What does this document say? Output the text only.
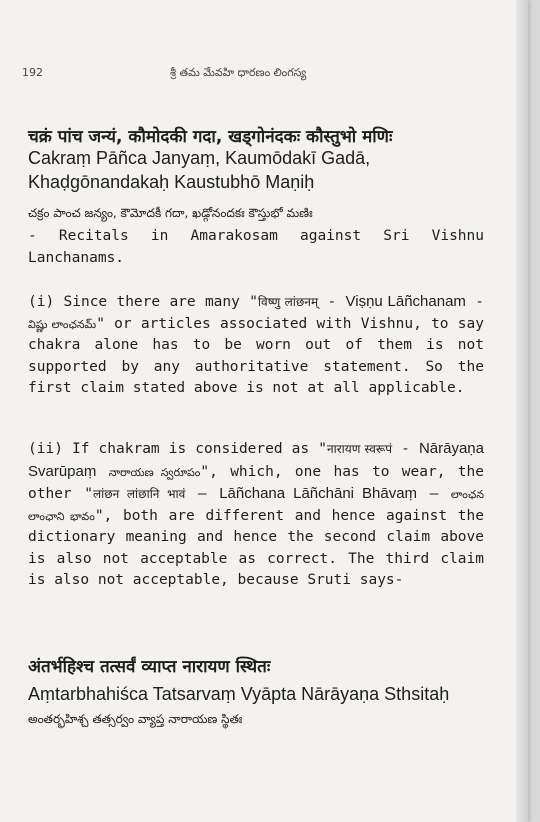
192	శ్రీ తమ మేవహి ధారణం లింగస్య
चक्रं पांच जन्यं, कौमोदकी गदा, खड्गोनंदकः कौस्तुभो मणिः
Cakraṃ Pāñca Janyaṃ, Kaumōdakī Gadā,
Khaḍgōnandakaḥ Kaustubhō Maṇiḥ
చక్రం పాంచ జన్యం, కౌమోదకీ గదా, ఖడ్గోనందకః కౌస్తుభో మణిః
- Recitals in Amarakosam against Sri Vishnu Lanchanams.
(i) Since there are many "विष्णु लांछनम् - Viṣṇu Lāñchanam - విష్ణు లాంఛనమ్" or articles associated with Vishnu, to say chakra alone has to be worn out of them is not supported by any authoritative statement. So the first claim stated above is not at all applicable.
(ii) If chakram is considered as "नारायण स्वरूपं - Nārāyaṇa Svarūpaṃ నారాయణ స్వరూపం", which, one has to wear, the other "लांछन लांछानि भावं – Lāñchana Lāñchāni Bhāvaṃ – లాంఛన లాంఛాని భావం", both are different and hence against the dictionary meaning and hence the second claim above is also not acceptable as correct. The third claim is also not acceptable, because Sruti says-
अंतर्भहिश्च तत्सर्वं व्याप्त नारायण स्थितः
Aṃtarbhahiśca Tatsarvaṃ Vyāpta Nārāyaṇa Sthsitaḥ
అంతర్భహిశ్చ తత్సర్వం వ్యాప్త నారాయణ స్థితః
